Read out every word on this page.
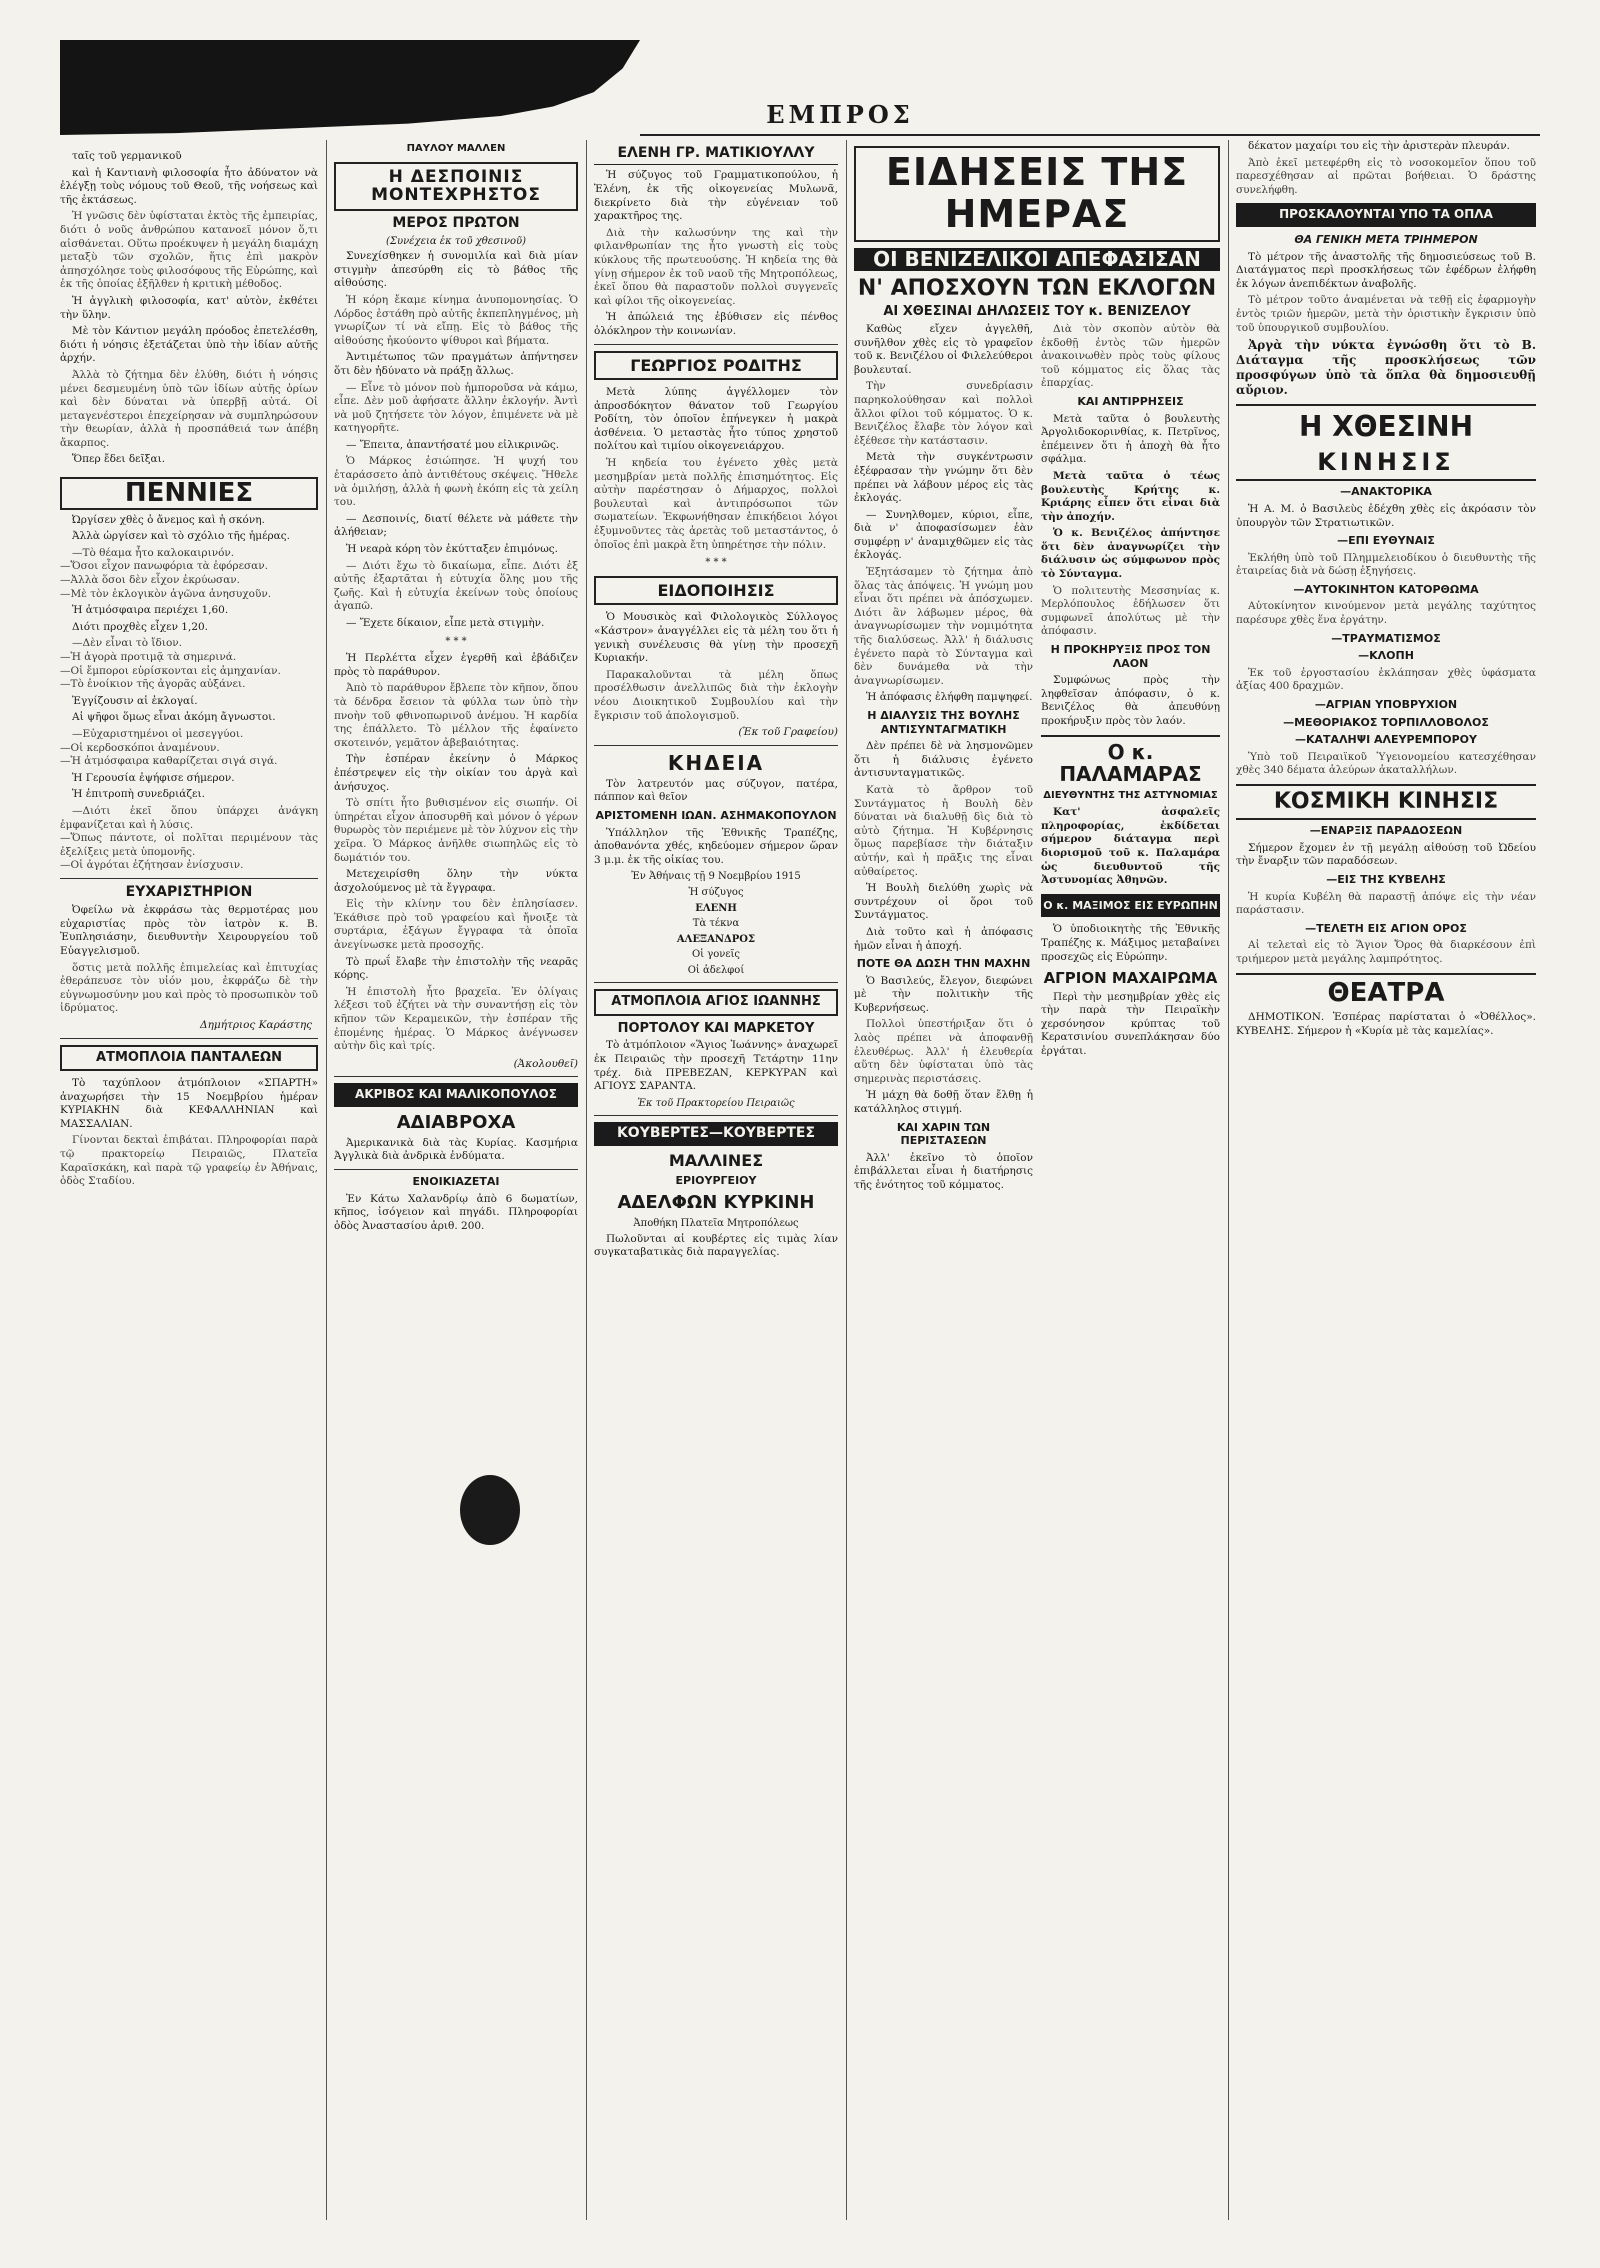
ΕΜΠΡΟΣ

ταῖς τοῦ γερμανικοῦ

καὶ ἡ Καντιανὴ φιλοσοφία ἦτο ἀδύνατον νὰ ἐλέγξῃ τοὺς νόμους τοῦ Θεοῦ, τῆς νοήσεως καὶ τῆς ἐκτάσεως.

Ἡ γνῶσις δὲν ὑφίσταται ἐκτὸς τῆς ἐμπειρίας, διότι ὁ νοῦς ἀνθρώπου κατανοεῖ μόνον ὅ,τι αἰσθάνεται. Οὕτω προέκυψεν ἡ μεγάλη διαμάχη μεταξὺ τῶν σχολῶν, ἥτις ἐπὶ μακρὸν ἀπησχόλησε τοὺς φιλοσόφους τῆς Εὐρώπης, καὶ ἐκ τῆς ὁποίας ἐξῆλθεν ἡ κριτικὴ μέθοδος.

Ἡ ἀγγλικὴ φιλοσοφία, κατ' αὐτὸν, ἐκθέτει τὴν ὕλην.

Μὲ τὸν Κάντιον μεγάλη πρόοδος ἐπετελέσθη, διότι ἡ νόησις ἐξετάζεται ὑπὸ τὴν ἰδίαν αὐτῆς ἀρχήν.

Ἀλλὰ τὸ ζήτημα δὲν ἐλύθη, διότι ἡ νόησις μένει δεσμευμένη ὑπὸ τῶν ἰδίων αὐτῆς ὁρίων καὶ δὲν δύναται νὰ ὑπερβῇ αὐτά. Οἱ μεταγενέστεροι ἐπεχείρησαν νὰ συμπληρώσουν τὴν θεωρίαν, ἀλλὰ ἡ προσπάθειά των ἀπέβη ἄκαρπος.

Ὅπερ ἔδει δεῖξαι.

ΠΕΝΝΙΕΣ

Ὠργίσεν χθὲς ὁ ἄνεμος καὶ ἡ σκόνη.

Ἀλλὰ ὠργίσεν καὶ τὸ σχόλιο τῆς ἡμέρας.

—Τὸ θέαμα ἦτο καλοκαιρινόν.
—Ὅσοι εἶχον πανωφόρια τὰ ἐφόρεσαν.
—Ἀλλὰ ὅσοι δὲν εἶχον ἐκρύωσαν.
—Μὲ τὸν ἐκλογικὸν ἀγῶνα ἀνησυχοῦν.

Ἡ ἀτμόσφαιρα περιέχει 1,60.

Διότι προχθὲς εἶχεν 1,20.

—Δὲν εἶναι τὸ ἴδιον.
—Ἡ ἀγορὰ προτιμᾷ τὰ σημερινά.
—Οἱ ἔμποροι εὑρίσκονται εἰς ἀμηχανίαν.
—Τὸ ἐνοίκιον τῆς ἀγορᾶς αὐξάνει.

Ἐγγίζουσιν αἱ ἐκλογαί.

Αἱ ψῆφοι ὅμως εἶναι ἀκόμη ἄγνωστοι.

—Εὐχαριστημένοι οἱ μεσεγγύοι.
—Οἱ κερδοσκόποι ἀναμένουν.
—Ἡ ἀτμόσφαιρα καθαρίζεται σιγά σιγά.

Ἡ Γερουσία ἐψήφισε σήμερον.

Ἡ ἐπιτροπὴ συνεδριάζει.

—Διότι ἐκεῖ ὅπου ὑπάρχει ἀνάγκη ἐμφανίζεται καὶ ἡ λύσις.
—Ὅπως πάντοτε, οἱ πολῖται περιμένουν τὰς ἐξελίξεις μετὰ ὑπομονῆς.
—Οἱ ἀγρόται ἐζήτησαν ἐνίσχυσιν.

ΕΥΧΑΡΙΣΤΗΡΙΟΝ

Ὀφείλω νὰ ἐκφράσω τὰς θερμοτέρας μου εὐχαριστίας πρὸς τὸν ἰατρὸν κ. Β. Ἐυπλησιάσην, διευθυντὴν Χειρουργείου τοῦ Εὐαγγελισμοῦ.

ὅστις μετὰ πολλῆς ἐπιμελείας καὶ ἐπιτυχίας ἐθεράπευσε τὸν υἱόν μου, ἐκφράζω δὲ τὴν εὐγνωμοσύνην μου καὶ πρὸς τὸ προσωπικὸν τοῦ ἱδρύματος.

Δημήτριος Καράστης
ΑΤΜΟΠΛΟΙΑ ΠΑΝΤΑΛΕΩΝ

Τὸ ταχύπλοον ἀτμόπλοιον «ΣΠΑΡΤΗ» ἀναχωρήσει τὴν 15 Νοεμβρίου ἡμέραν ΚΥΡΙΑΚΗΝ διὰ ΚΕΦΑΛΛΗΝΙΑΝ καὶ ΜΑΣΣΑΛΙΑΝ.

Γίνονται δεκταὶ ἐπιβάται. Πληροφορίαι παρὰ τῷ πρακτορείῳ Πειραιῶς, Πλατεῖα Καραϊσκάκη, καὶ παρὰ τῷ γραφείῳ ἐν Ἀθήναις, ὁδὸς Σταδίου.

ΠΑΥΛΟΥ ΜΑΛΛΕΝ
Η ΔΕΣΠΟΙΝΙΣ ΜΟΝΤΕΧΡΗΣΤΟΣ
ΜΕΡΟΣ ΠΡΩΤΟΝ
(Συνέχεια ἐκ τοῦ χθεσινοῦ)

Συνεχίσθηκεν ἡ συνομιλία καὶ διὰ μίαν στιγμὴν ἀπεσύρθη εἰς τὸ βάθος τῆς αἰθούσης.

Ἡ κόρη ἔκαμε κίνημα ἀνυπομονησίας. Ὁ Λόρδος ἐστάθη πρὸ αὐτῆς ἐκπεπληγμένος, μὴ γνωρίζων τί νὰ εἴπῃ. Εἰς τὸ βάθος τῆς αἰθούσης ἠκούοντο ψίθυροι καὶ βήματα.

Ἀντιμέτωπος τῶν πραγμάτων ἀπήντησεν ὅτι δὲν ἠδύνατο νὰ πράξῃ ἄλλως.

— Εἶνε τὸ μόνον ποὺ ἠμποροῦσα νὰ κάμω, εἶπε. Δὲν μοῦ ἀφήσατε ἄλλην ἐκλογήν. Ἀντὶ νὰ μοῦ ζητήσετε τὸν λόγον, ἐπιμένετε νὰ μὲ κατηγορῆτε.

— Ἔπειτα, ἀπαντήσατέ μου εἰλικρινῶς.

Ὁ Μάρκος ἐσιώπησε. Ἡ ψυχή του ἐταράσσετο ἀπὸ ἀντιθέτους σκέψεις. Ἤθελε νὰ ὁμιλήσῃ, ἀλλὰ ἡ φωνὴ ἐκόπη εἰς τὰ χείλη του.

— Δεσποινίς, διατί θέλετε νὰ μάθετε τὴν ἀλήθειαν;

Ἡ νεαρὰ κόρη τὸν ἐκύτταξεν ἐπιμόνως.

— Διότι ἔχω τὸ δικαίωμα, εἶπε. Διότι ἐξ αὐτῆς ἐξαρτᾶται ἡ εὐτυχία ὅλης μου τῆς ζωῆς. Καὶ ἡ εὐτυχία ἐκείνων τοὺς ὁποίους ἀγαπῶ.

— Ἔχετε δίκαιον, εἶπε μετὰ στιγμὴν.

* * *

Ἡ Περλέττα εἶχεν ἐγερθῆ καὶ ἐβάδιζεν πρὸς τὸ παράθυρον.

Ἀπὸ τὸ παράθυρον ἔβλεπε τὸν κῆπον, ὅπου τὰ δένδρα ἔσειον τὰ φύλλα των ὑπὸ τὴν πνοὴν τοῦ φθινοπωρινοῦ ἀνέμου. Ἡ καρδία της ἐπάλλετο. Τὸ μέλλον τῆς ἐφαίνετο σκοτεινόν, γεμᾶτον ἀβεβαιότητας.

Τὴν ἑσπέραν ἐκείνην ὁ Μάρκος ἐπέστρεψεν εἰς τὴν οἰκίαν του ἀργὰ καὶ ἀνήσυχος.

Τὸ σπίτι ἦτο βυθισμένον εἰς σιωπήν. Οἱ ὑπηρέται εἶχον ἀποσυρθῆ καὶ μόνον ὁ γέρων θυρωρὸς τὸν περιέμενε μὲ τὸν λύχνον εἰς τὴν χεῖρα. Ὁ Μάρκος ἀνῆλθε σιωπηλῶς εἰς τὸ δωμάτιόν του.

Μετεχειρίσθη ὅλην τὴν νύκτα ἀσχολούμενος μὲ τὰ ἔγγραφα.

Εἰς τὴν κλίνην του δὲν ἐπλησίασεν. Ἐκάθισε πρὸ τοῦ γραφείου καὶ ἤνοιξε τὰ συρτάρια, ἐξάγων ἔγγραφα τὰ ὁποῖα ἀνεγίνωσκε μετὰ προσοχῆς.

Τὸ πρωΐ ἔλαβε τὴν ἐπιστολὴν τῆς νεαρᾶς κόρης.

Ἡ ἐπιστολὴ ἦτο βραχεῖα. Ἐν ὀλίγαις λέξεσι τοῦ ἐζήτει νὰ τὴν συναντήσῃ εἰς τὸν κῆπον τῶν Κεραμεικῶν, τὴν ἑσπέραν τῆς ἐπομένης ἡμέρας. Ὁ Μάρκος ἀνέγνωσεν αὐτὴν δὶς καὶ τρίς.

(Ἀκολουθεῖ)
ΑΚΡΙΒΟΣ ΚΑΙ ΜΑΛΙΚΟΠΟΥΛΟΣ
ΑΔΙΑΒΡΟΧΑ

Ἀμερικανικὰ διὰ τὰς Κυρίας. Κασμήρια Ἀγγλικὰ διὰ ἀνδρικὰ ἐνδύματα.

ΕΝΟΙΚΙΑΖΕΤΑΙ

Ἐν Κάτω Χαλανδρίῳ ἀπὸ 6 δωματίων, κῆπος, ἰσόγειον καὶ πηγάδι. Πληροφορίαι ὁδὸς Ἀναστασίου ἀριθ. 200.

ΕΛΕΝΗ ΓΡ. ΜΑΤΙΚΙΟΥΛΛΥ

Ἡ σύζυγος τοῦ Γραμματικοπούλου, ἡ Ἑλένη, ἐκ τῆς οἰκογενείας Μυλωνᾶ, διεκρίνετο διὰ τὴν εὐγένειαν τοῦ χαρακτῆρος της.

Διὰ τὴν καλωσύνην της καὶ τὴν φιλανθρωπίαν της ἦτο γνωστὴ εἰς τοὺς κύκλους τῆς πρωτευούσης. Ἡ κηδεία της θὰ γίνῃ σήμερον ἐκ τοῦ ναοῦ τῆς Μητροπόλεως, ἐκεῖ ὅπου θὰ παραστοῦν πολλοὶ συγγενεῖς καὶ φίλοι τῆς οἰκογενείας.

Ἡ ἀπώλειά της ἐβύθισεν εἰς πένθος ὁλόκληρον τὴν κοινωνίαν.

ΓΕΩΡΓΙΟΣ ΡΟΔΙΤΗΣ

Μετὰ λύπης ἀγγέλλομεν τὸν ἀπροσδόκητον θάνατον τοῦ Γεωργίου Ροδίτη, τὸν ὁποῖον ἐπήνεγκεν ἡ μακρὰ ἀσθένεια. Ὁ μεταστὰς ἦτο τύπος χρηστοῦ πολίτου καὶ τιμίου οἰκογενειάρχου.

Ἡ κηδεία του ἐγένετο χθὲς μετὰ μεσημβρίαν μετὰ πολλῆς ἐπισημότητος. Εἰς αὐτὴν παρέστησαν ὁ Δήμαρχος, πολλοὶ βουλευταὶ καὶ ἀντιπρόσωποι τῶν σωματείων. Ἐκφωνήθησαν ἐπικήδειοι λόγοι ἐξυμνοῦντες τὰς ἀρετὰς τοῦ μεταστάντος, ὁ ὁποῖος ἐπὶ μακρὰ ἔτη ὑπηρέτησε τὴν πόλιν.

* * *
ΕΙΔΟΠΟΙΗΣΙΣ

Ὁ Μουσικὸς καὶ Φιλολογικὸς Σύλλογος «Κάστρον» ἀναγγέλλει εἰς τὰ μέλη του ὅτι ἡ γενικὴ συνέλευσις θὰ γίνῃ τὴν προσεχῆ Κυριακήν.

Παρακαλοῦνται τὰ μέλη ὅπως προσέλθωσιν ἀνελλιπῶς διὰ τὴν ἐκλογὴν νέου Διοικητικοῦ Συμβουλίου καὶ τὴν ἔγκρισιν τοῦ ἀπολογισμοῦ.

(Ἐκ τοῦ Γραφείου)
ΚΗΔΕΙΑ

Τὸν λατρευτόν μας σύζυγον, πατέρα, πάππον καὶ θεῖον

ΑΡΙΣΤΟΜΕΝΗ ΙΩΑΝ. ΑΣΗΜΑΚΟΠΟΥΛΟΝ

Ὑπάλληλον τῆς Ἐθνικῆς Τραπέζης, ἀποθανόντα χθές, κηδεύομεν σήμερον ὥραν 3 μ.μ. ἐκ τῆς οἰκίας του.

Ἐν Ἀθήναις τῇ 9 Νοεμβρίου 1915
Ἡ σύζυγος
ΕΛΕΝΗ
Τὰ τέκνα
ΑΛΕΞΑΝΔΡΟΣ
Οἱ γονεῖς
Οἱ ἀδελφοί
ΑΤΜΟΠΛΟΙΑ ΑΓΙΟΣ ΙΩΑΝΝΗΣ
ΠΟΡΤΟΛΟΥ ΚΑΙ ΜΑΡΚΕΤΟΥ

Τὸ ἀτμόπλοιον «Ἅγιος Ἰωάννης» ἀναχωρεῖ ἐκ Πειραιῶς τὴν προσεχῆ Τετάρτην 11ην τρέχ. διὰ ΠΡΕΒΕΖΑΝ, ΚΕΡΚΥΡΑΝ καὶ ΑΓΙΟΥΣ ΣΑΡΑΝΤΑ.

Ἐκ τοῦ Πρακτορείου Πειραιῶς
ΚΟΥΒΕΡΤΕΣ—ΚΟΥΒΕΡΤΕΣ
ΜΑΛΛΙΝΕΣ
ΕΡΙΟΥΡΓΕΙΟΥ
ΑΔΕΛΦΩΝ ΚΥΡΚΙΝΗ
Ἀποθήκη Πλατεῖα Μητροπόλεως

Πωλοῦνται αἱ κουβέρτες εἰς τιμὰς λίαν συγκαταβατικὰς διὰ παραγγελίας.

ΕΙΔΗΣΕΙΣ ΤΗΣ ΗΜΕΡΑΣ
ΟΙ ΒΕΝΙΖΕΛΙΚΟΙ ΑΠΕΦΑΣΙΣΑΝ
Ν' ΑΠΟΣΧΟΥΝ ΤΩΝ ΕΚΛΟΓΩΝ
ΑΙ ΧΘΕΣΙΝΑΙ ΔΗΛΩΣΕΙΣ ΤΟΥ κ. ΒΕΝΙΖΕΛΟΥ

Καθὼς εἴχεν ἀγγελθῆ, συνῆλθον χθὲς εἰς τὸ γραφεῖον τοῦ κ. Βενιζέλου οἱ Φιλελεύθεροι βουλευταί.

Τὴν συνεδρίασιν παρηκολούθησαν καὶ πολλοὶ ἄλλοι φίλοι τοῦ κόμματος. Ὁ κ. Βενιζέλος ἔλαβε τὸν λόγον καὶ ἐξέθεσε τὴν κατάστασιν.

Μετὰ τὴν συγκέντρωσιν ἐξέφρασαν τὴν γνώμην ὅτι δὲν πρέπει νὰ λάβουν μέρος εἰς τὰς ἐκλογάς.

— Συνηλθομεν, κύριοι, εἶπε, διὰ ν' ἀποφασίσωμεν ἐὰν συμφέρῃ ν' ἀναμιχθῶμεν εἰς τὰς ἐκλογάς.

Ἐξητάσαμεν τὸ ζήτημα ἀπὸ ὅλας τὰς ἀπόψεις. Ἡ γνώμη μου εἶναι ὅτι πρέπει νὰ ἀπόσχωμεν. Διότι ἂν λάβωμεν μέρος, θὰ ἀναγνωρίσωμεν τὴν νομιμότητα τῆς διαλύσεως. Ἀλλ' ἡ διάλυσις ἐγένετο παρὰ τὸ Σύνταγμα καὶ δὲν δυνάμεθα νὰ τὴν ἀναγνωρίσωμεν.

Ἡ ἀπόφασις ἐλήφθη παμψηφεί.

Η ΔΙΑΛΥΣΙΣ ΤΗΣ ΒΟΥΛΗΣ ΑΝΤΙΣΥΝΤΑΓΜΑΤΙΚΗ

Δὲν πρέπει δὲ νὰ λησμονῶμεν ὅτι ἡ διάλυσις ἐγένετο ἀντισυνταγματικῶς.

Κατὰ τὸ ἄρθρον τοῦ Συντάγματος ἡ Βουλὴ δὲν δύναται νὰ διαλυθῇ δὶς διὰ τὸ αὐτὸ ζήτημα. Ἡ Κυβέρνησις ὅμως παρεβίασε τὴν διάταξιν αὐτήν, καὶ ἡ πρᾶξις της εἶναι αὐθαίρετος.

Ἡ Βουλὴ διελύθη χωρὶς νὰ συντρέχουν οἱ ὅροι τοῦ Συντάγματος.

Διὰ τοῦτο καὶ ἡ ἀπόφασις ἡμῶν εἶναι ἡ ἀποχή.

ΠΟΤΕ ΘΑ ΔΩΣΗ ΤΗΝ ΜΑΧΗΝ

Ὁ Βασιλεύς, ἔλεγον, διεφώνει μὲ τὴν πολιτικὴν τῆς Κυβερνήσεως.

Πολλοὶ ὑπεστήριξαν ὅτι ὁ λαὸς πρέπει νὰ ἀποφανθῇ ἐλευθέρως. Ἀλλ' ἡ ἐλευθερία αὕτη δὲν ὑφίσταται ὑπὸ τὰς σημερινὰς περιστάσεις.

Ἡ μάχη θὰ δοθῇ ὅταν ἔλθῃ ἡ κατάλληλος στιγμή.

ΚΑΙ ΧΑΡΙΝ ΤΩΝ ΠΕΡΙΣΤΑΣΕΩΝ

Ἀλλ' ἐκεῖνο τὸ ὁποῖον ἐπιβάλλεται εἶναι ἡ διατήρησις τῆς ἑνότητος τοῦ κόμματος.

Διὰ τὸν σκοπὸν αὐτὸν θὰ ἐκδοθῇ ἐντὸς τῶν ἡμερῶν ἀνακοινωθὲν πρὸς τοὺς φίλους τοῦ κόμματος εἰς ὅλας τὰς ἐπαρχίας.

ΚΑΙ ΑΝΤΙΡΡΗΣΕΙΣ

Μετὰ ταῦτα ὁ βουλευτὴς Ἀργολιδοκορινθίας, κ. Πετρῖνος, ἐπέμεινεν ὅτι ἡ ἀποχὴ θὰ ἦτο σφάλμα.

Μετὰ ταῦτα ὁ τέως βουλευτὴς Κρήτης κ. Κριάρης εἶπεν ὅτι εἶναι διὰ τὴν ἀποχήν.

Ὁ κ. Βενιζέλος ἀπήντησε ὅτι δὲν ἀναγνωρίζει τὴν διάλυσιν ὡς σύμφωνον πρὸς τὸ Σύνταγμα.

Ὁ πολιτευτὴς Μεσσηνίας κ. Μερλόπουλος ἐδήλωσεν ὅτι συμφωνεῖ ἀπολύτως μὲ τὴν ἀπόφασιν.

Η ΠΡΟΚΗΡΥΞΙΣ ΠΡΟΣ ΤΟΝ ΛΑΟΝ

Συμφώνως πρὸς τὴν ληφθεῖσαν ἀπόφασιν, ὁ κ. Βενιζέλος θὰ ἀπευθύνῃ προκήρυξιν πρὸς τὸν λαόν.

Ο κ. ΠΑΛΑΜΑΡΑΣ
ΔΙΕΥΘΥΝΤΗΣ ΤΗΣ ΑΣΤΥΝΟΜΙΑΣ

Κατ' ἀσφαλεῖς πληροφορίας, ἐκδίδεται σήμερον διάταγμα περὶ διορισμοῦ τοῦ κ. Παλαμάρα ὡς διευθυντοῦ τῆς Ἀστυνομίας Ἀθηνῶν.

Ο κ. ΜΑΞΙΜΟΣ ΕΙΣ ΕΥΡΩΠΗΝ

Ὁ ὑποδιοικητὴς τῆς Ἐθνικῆς Τραπέζης κ. Μάξιμος μεταβαίνει προσεχῶς εἰς Εὐρώπην.

ΑΓΡΙΟΝ ΜΑΧΑΙΡΩΜΑ

Περὶ τὴν μεσημβρίαν χθὲς εἰς τὴν παρὰ τὴν Πειραϊκὴν χερσόνησον κρύπτας τοῦ Κερατσινίου συνεπλάκησαν δύο ἐργάται.

δέκατον μαχαίρι του εἰς τὴν ἀριστερὰν πλευράν.

Ἀπὸ ἐκεῖ μετεφέρθη εἰς τὸ νοσοκομεῖον ὅπου τοῦ παρεσχέθησαν αἱ πρῶται βοήθειαι. Ὁ δράστης συνελήφθη.

ΠΡΟΣΚΑΛΟΥΝΤΑΙ ΥΠΟ ΤΑ ΟΠΛΑ
ΘΑ ΓΕΝΙΚΗ ΜΕΤΑ ΤΡΙΗΜΕΡΟΝ

Τὸ μέτρον τῆς ἀναστολῆς τῆς δημοσιεύσεως τοῦ Β. Διατάγματος περὶ προσκλήσεως τῶν ἐφέδρων ἐλήφθη ἐκ λόγων ἀνεπιδέκτων ἀναβολῆς.

Τὸ μέτρον τοῦτο ἀναμένεται νὰ τεθῇ εἰς ἐφαρμογὴν ἐντὸς τριῶν ἡμερῶν, μετὰ τὴν ὁριστικὴν ἔγκρισιν ὑπὸ τοῦ ὑπουργικοῦ συμβουλίου.

Ἀργὰ τὴν νύκτα ἐγνώσθη ὅτι τὸ Β. Διάταγμα τῆς προσκλήσεως τῶν προσφύγων ὑπὸ τὰ ὅπλα θὰ δημοσιευθῇ αὔριον.

Η ΧΘΕΣΙΝΗ
ΚΙΝΗΣΙΣ
—ΑΝΑΚΤΟΡΙΚΑ

Ἡ Α. Μ. ὁ Βασιλεὺς ἐδέχθη χθὲς εἰς ἀκρόασιν τὸν ὑπουργὸν τῶν Στρατιωτικῶν.

—ΕΠΙ ΕΥΘΥΝΑΙΣ

Ἐκλήθη ὑπὸ τοῦ Πλημμελειοδίκου ὁ διευθυντὴς τῆς ἑταιρείας διὰ νὰ δώσῃ ἐξηγήσεις.

—ΑΥΤΟΚΙΝΗΤΟΝ ΚΑΤΟΡΘΩΜΑ

Αὐτοκίνητον κινούμενον μετὰ μεγάλης ταχύτητος παρέσυρε χθὲς ἕνα ἐργάτην.

—ΤΡΑΥΜΑΤΙΣΜΟΣ
—ΚΛΟΠΗ

Ἐκ τοῦ ἐργοστασίου ἐκλάπησαν χθὲς ὑφάσματα ἀξίας 400 δραχμῶν.

—ΑΓΡΙΑΝ ΥΠΟΒΡΥΧΙΟΝ
—ΜΕΘΟΡΙΑΚΟΣ ΤΟΡΠΙΛΛΟΒΟΛΟΣ
—ΚΑΤΑΛΗΨΙ ΑΛΕΥΡΕΜΠΟΡΟΥ

Ὑπὸ τοῦ Πειραιϊκοῦ Ὑγειονομείου κατεσχέθησαν χθὲς 340 δέματα ἀλεύρων ἀκαταλλήλων.

ΚΟΣΜΙΚΗ ΚΙΝΗΣΙΣ
—ΕΝΑΡΞΙΣ ΠΑΡΑΔΟΣΕΩΝ

Σήμερον ἔχομεν ἐν τῇ μεγάλῃ αἰθούσῃ τοῦ Ὠδείου τὴν ἔναρξιν τῶν παραδόσεων.

—ΕΙΣ ΤΗΣ ΚΥΒΕΛΗΣ

Ἡ κυρία Κυβέλη θὰ παραστῇ ἀπόψε εἰς τὴν νέαν παράστασιν.

—ΤΕΛΕΤΗ ΕΙΣ ΑΓΙΟΝ ΟΡΟΣ

Αἱ τελεταὶ εἰς τὸ Ἅγιον Ὄρος θὰ διαρκέσουν ἐπὶ τριήμερον μετὰ μεγάλης λαμπρότητος.

ΘΕΑΤΡΑ

ΔΗΜΟΤΙΚΟΝ. Ἑσπέρας παρίσταται ὁ «Ὀθέλλος». ΚΥΒΕΛΗΣ. Σήμερον ἡ «Κυρία μὲ τὰς καμελίας».
